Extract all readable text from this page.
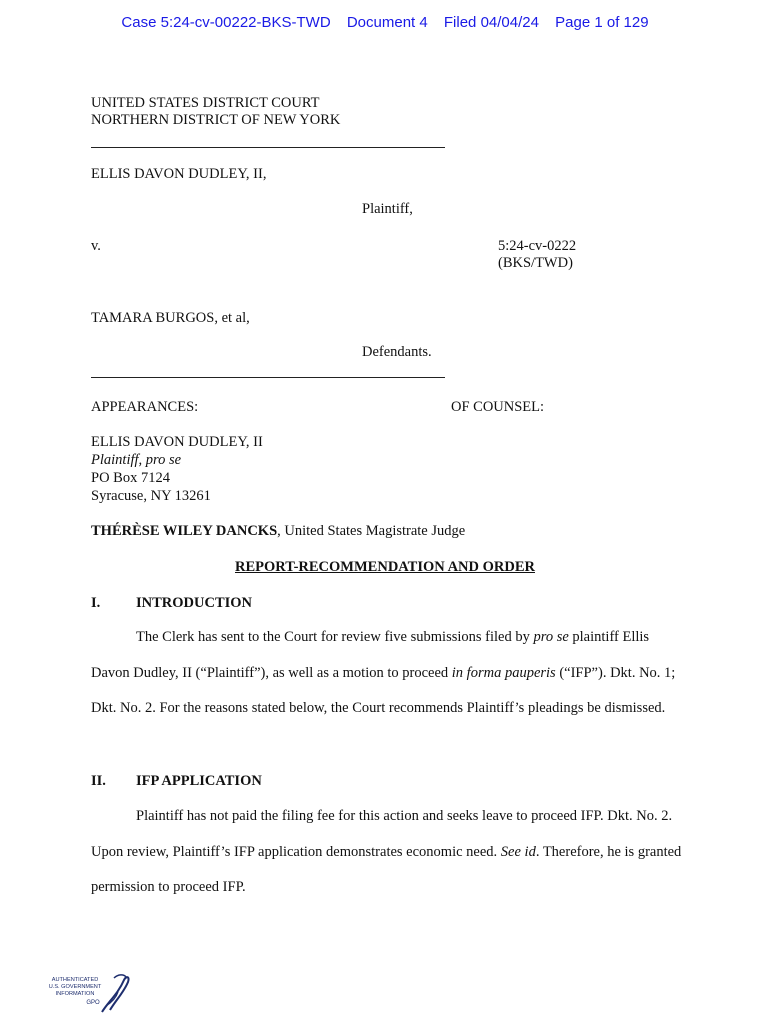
Case 5:24-cv-00222-BKS-TWD Document 4 Filed 04/04/24 Page 1 of 129
UNITED STATES DISTRICT COURT
NORTHERN DISTRICT OF NEW YORK
ELLIS DAVON DUDLEY, II,
Plaintiff,
v.	5:24-cv-0222
(BKS/TWD)
TAMARA BURGOS, et al,
Defendants.
APPEARANCES:	OF COUNSEL:
ELLIS DAVON DUDLEY, II
Plaintiff, pro se
PO Box 7124
Syracuse, NY 13261
THÉRÈSE WILEY DANCKS, United States Magistrate Judge
REPORT-RECOMMENDATION AND ORDER
I. INTRODUCTION

The Clerk has sent to the Court for review five submissions filed by pro se plaintiff Ellis Davon Dudley, II (“Plaintiff”), as well as a motion to proceed in forma pauperis (“IFP”). Dkt. No. 1; Dkt. No. 2. For the reasons stated below, the Court recommends Plaintiff’s pleadings be dismissed.

II. IFP APPLICATION

Plaintiff has not paid the filing fee for this action and seeks leave to proceed IFP. Dkt. No. 2. Upon review, Plaintiff’s IFP application demonstrates economic need. See id. Therefore, he is granted permission to proceed IFP.

AUTHENTICATED
U.S. GOVERNMENT
INFORMATION
GPO
